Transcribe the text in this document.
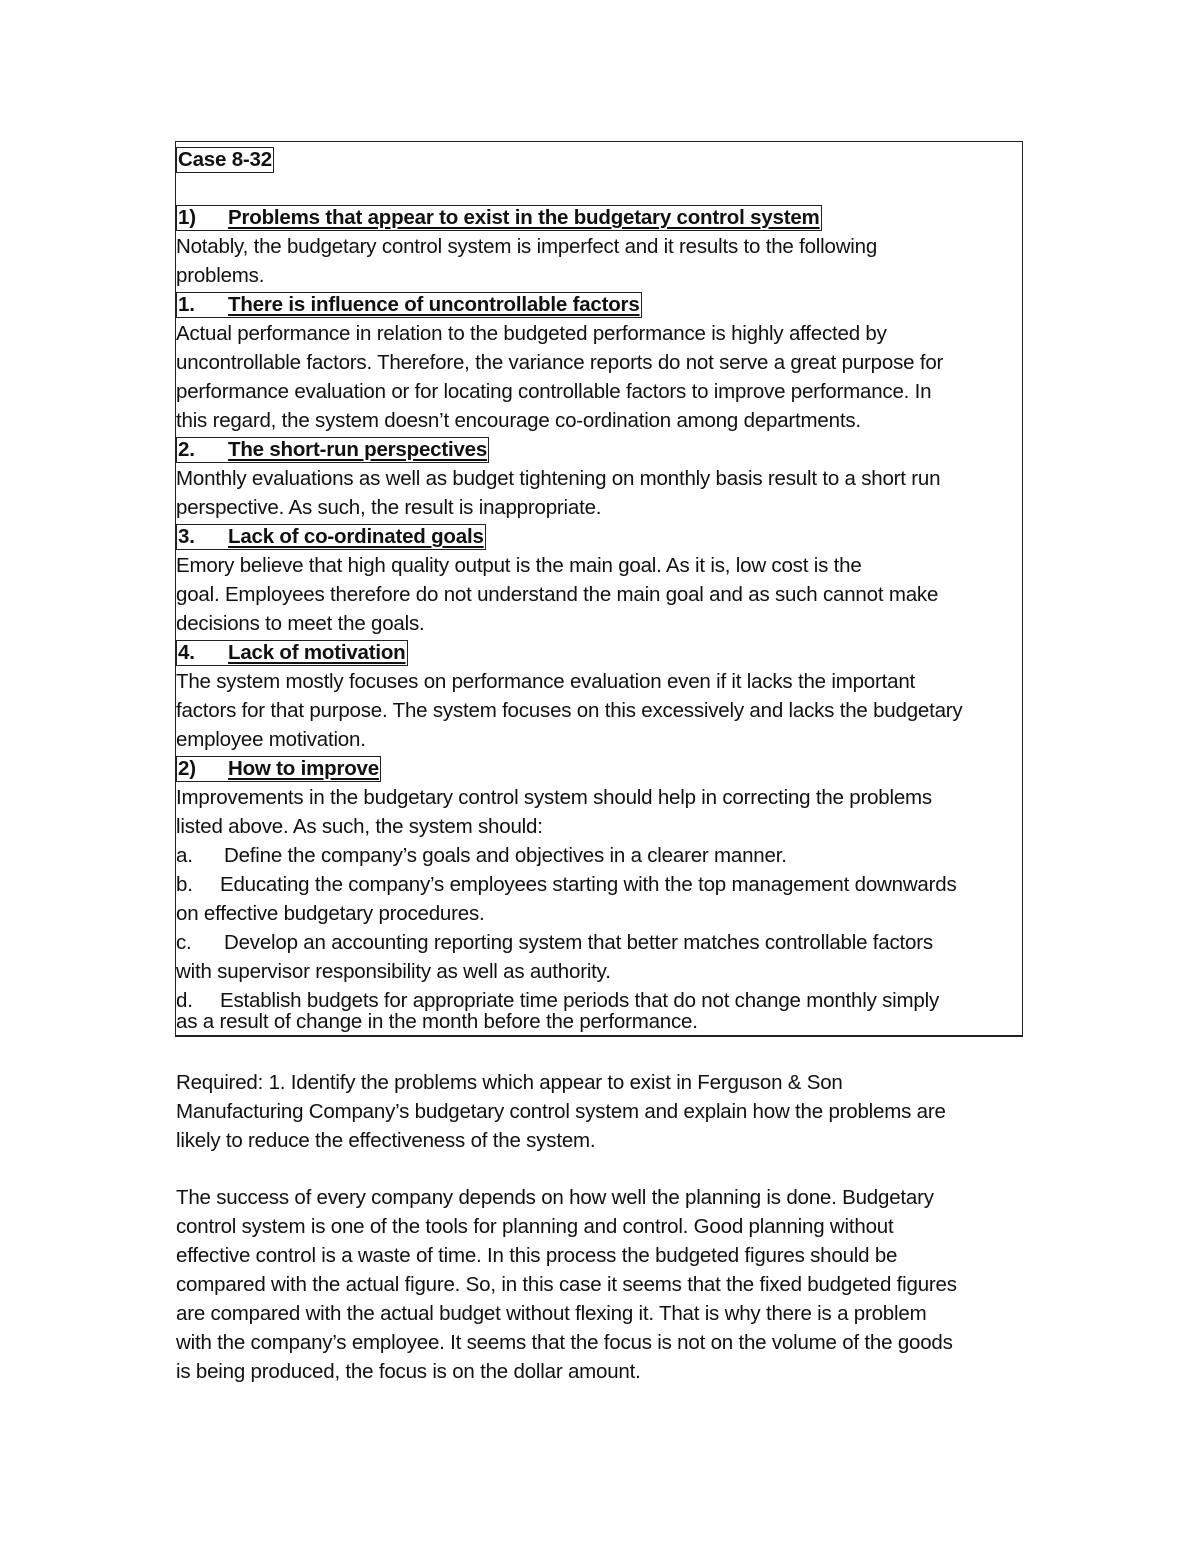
Case 8-32
1) Problems that appear to exist in the budgetary control system
Notably, the budgetary control system is imperfect and it results to the following
problems.
1. There is influence of uncontrollable factors
Actual performance in relation to the budgeted performance is highly affected by
uncontrollable factors. Therefore, the variance reports do not serve a great purpose for
performance evaluation or for locating controllable factors to improve performance. In
this regard, the system doesn’t encourage co-ordination among departments.
2. The short-run perspectives
Monthly evaluations as well as budget tightening on monthly basis result to a short run
perspective. As such, the result is inappropriate.
3. Lack of co-ordinated goals
Emory believe that high quality output is the main goal. As it is, low cost is the
goal. Employees therefore do not understand the main goal and as such cannot make
decisions to meet the goals.
4. Lack of motivation
The system mostly focuses on performance evaluation even if it lacks the important
factors for that purpose. The system focuses on this excessively and lacks the budgetary
employee motivation.
2) How to improve
Improvements in the budgetary control system should help in correcting the problems
listed above. As such, the system should:
a. Define the company’s goals and objectives in a clearer manner.
b. Educating the company’s employees starting with the top management downwards
on effective budgetary procedures.
c. Develop an accounting reporting system that better matches controllable factors
with supervisor responsibility as well as authority.
d. Establish budgets for appropriate time periods that do not change monthly simply
as a result of change in the month before the performance.
Required: 1. Identify the problems which appear to exist in Ferguson & Son
Manufacturing Company’s budgetary control system and explain how the problems are
likely to reduce the effectiveness of the system.
The success of every company depends on how well the planning is done. Budgetary
control system is one of the tools for planning and control. Good planning without
effective control is a waste of time. In this process the budgeted figures should be
compared with the actual figure. So, in this case it seems that the fixed budgeted figures
are compared with the actual budget without flexing it. That is why there is a problem
with the company’s employee. It seems that the focus is not on the volume of the goods
is being produced, the focus is on the dollar amount.
